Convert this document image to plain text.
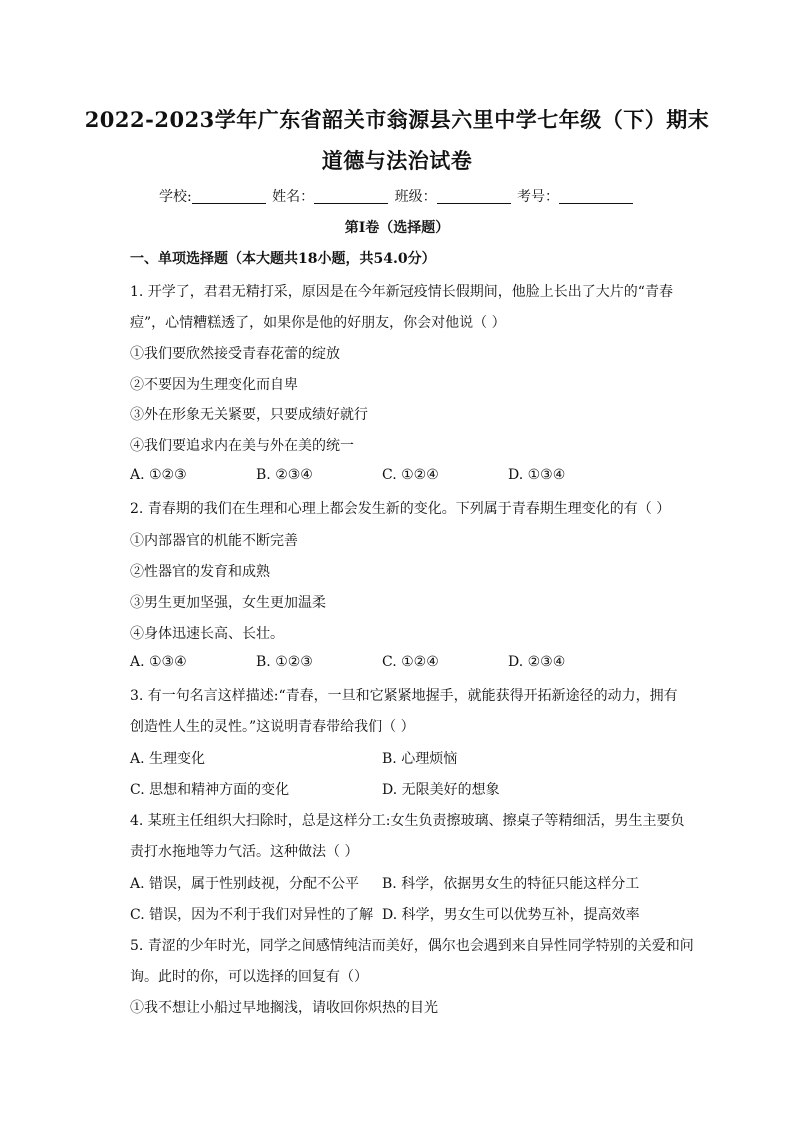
2022-2023学年广东省韶关市翁源县六里中学七年级（下）期末
道德与法治试卷
学校:	姓名：	班级：	考号：
第I卷（选择题）
一、单项选择题（本大题共18小题，共54.0分）
1. 开学了，君君无精打采，原因是在今年新冠疫情长假期间，他脸上长出了大片的“青春
痘”，心情糟糕透了，如果你是他的好朋友，你会对他说（ ）
①我们要欣然接受青春花蕾的绽放
②不要因为生理变化而自卑
③外在形象无关紧要，只要成绩好就行
④我们要追求内在美与外在美的统一
A. ①②③	B. ②③④	C. ①②④	D. ①③④
2. 青春期的我们在生理和心理上都会发生新的变化。下列属于青春期生理变化的有（ ）
①内部器官的机能不断完善
②性器官的发育和成熟
③男生更加坚强，女生更加温柔
④身体迅速长高、长壮。
A. ①③④	B. ①②③	C. ①②④	D. ②③④
3. 有一句名言这样描述:“青春，一旦和它紧紧地握手，就能获得开拓新途径的动力，拥有
创造性人生的灵性。”这说明青春带给我们（ ）
A. 生理变化	B. 心理烦恼
C. 思想和精神方面的变化	D. 无限美好的想象
4. 某班主任组织大扫除时，总是这样分工:女生负责擦玻璃、擦桌子等精细活，男生主要负
责打水拖地等力气活。这种做法（ ）
A. 错误，属于性别歧视，分配不公平 B. 科学，依据男女生的特征只能这样分工
C. 错误，因为不利于我们对异性的了解 D. 科学，男女生可以优势互补，提高效率
5. 青涩的少年时光，同学之间感情纯洁而美好，偶尔也会遇到来自异性同学特别的关爱和问
询。此时的你，可以选择的回复有（）
①我不想让小船过早地搁浅，请收回你炽热的目光
